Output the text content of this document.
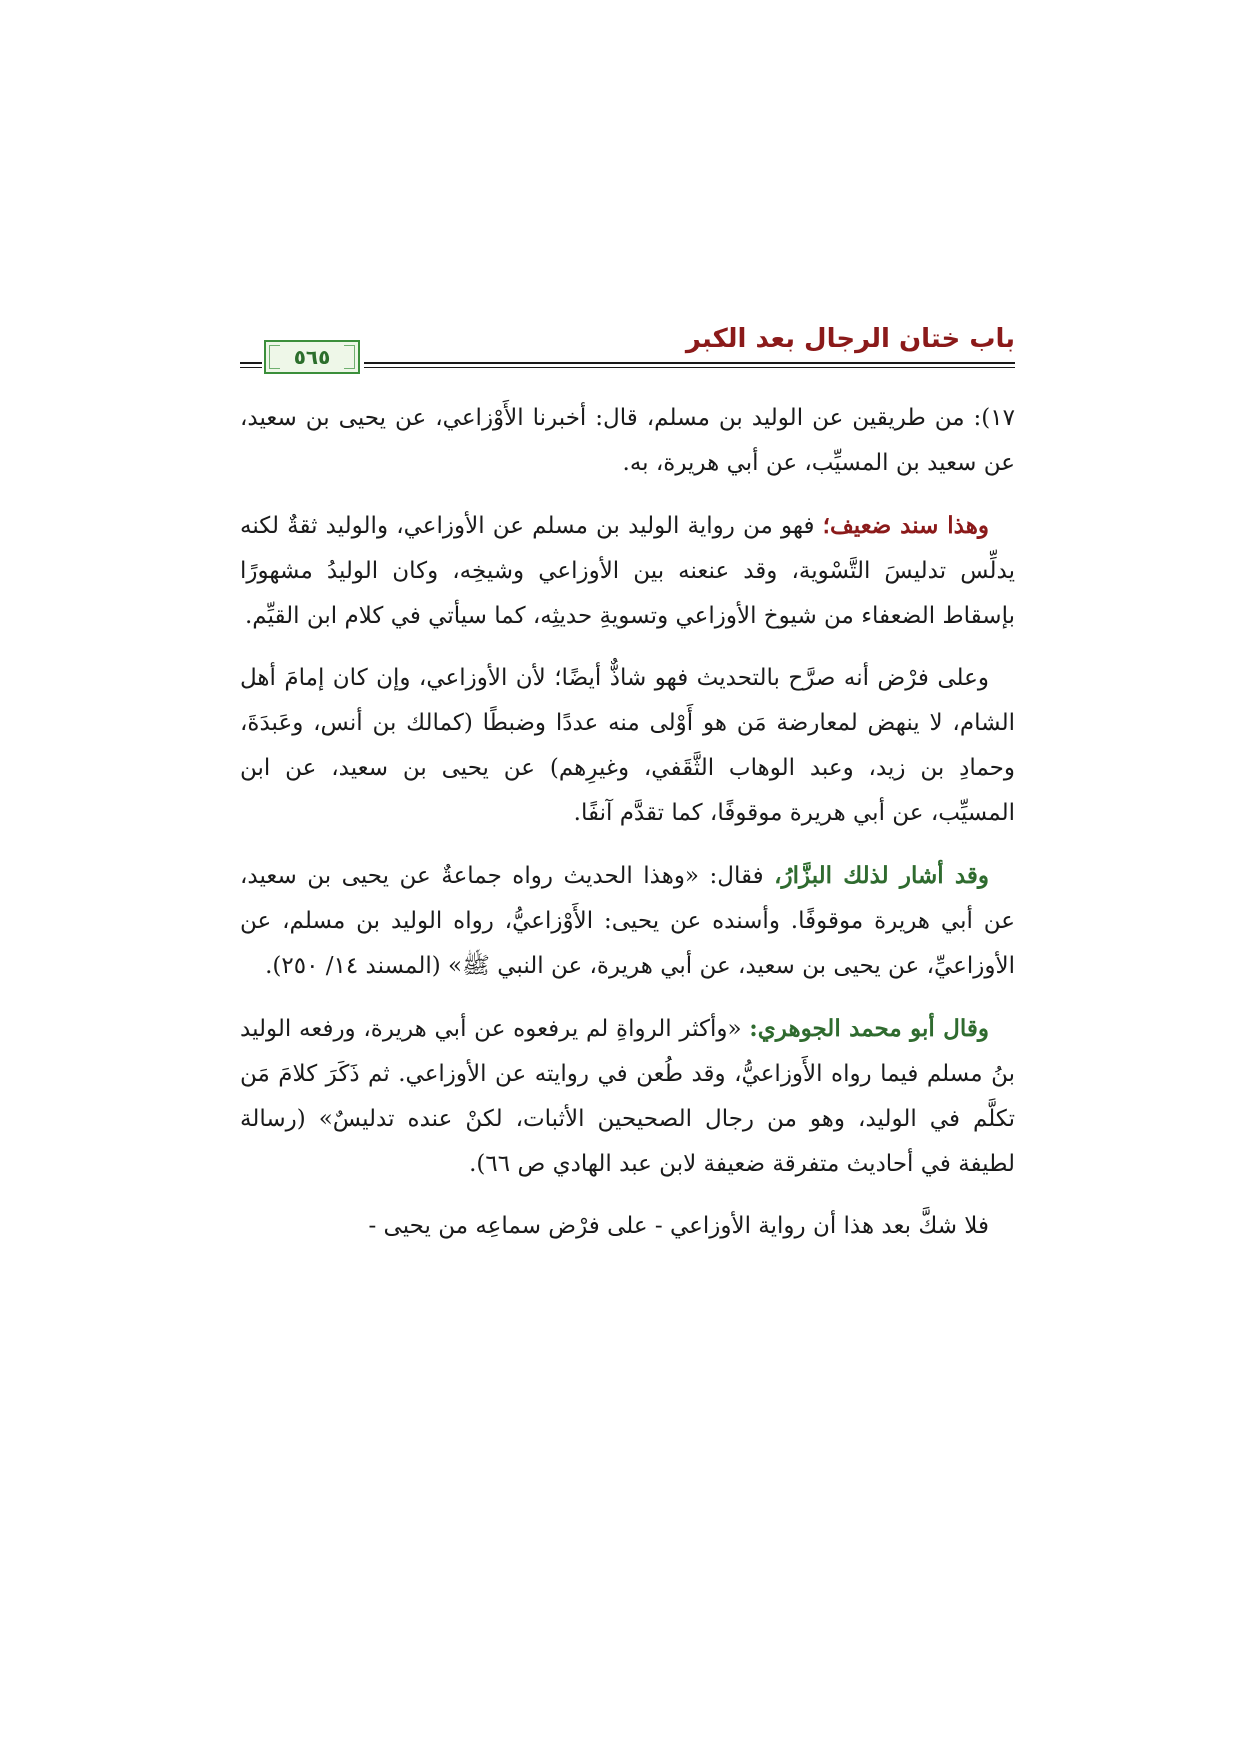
باب ختان الرجال بعد الكبر
٥٦٥

١٧): من طريقين عن الوليد بن مسلم، قال: أخبرنا الأَوْزاعي، عن يحيى بن سعيد، عن سعيد بن المسيِّب، عن أبي هريرة، به.

وهذا سند ضعيف؛ فهو من رواية الوليد بن مسلم عن الأوزاعي، والوليد ثقةٌ لكنه يدلِّس تدليسَ التَّسْوية، وقد عنعنه بين الأوزاعي وشيخِه، وكان الوليدُ مشهورًا بإسقاط الضعفاء من شيوخ الأوزاعي وتسويةِ حديثِه، كما سيأتي في كلام ابن القيِّم.

وعلى فرْض أنه صرَّح بالتحديث فهو شاذٌّ أيضًا؛ لأن الأوزاعي، وإن كان إمامَ أهل الشام، لا ينهض لمعارضة مَن هو أَوْلى منه عددًا وضبطًا (كمالك بن أنس، وعَبدَةَ، وحمادِ بن زيد، وعبد الوهاب الثَّقَفي، وغيرِهم) عن يحيى بن سعيد، عن ابن المسيِّب، عن أبي هريرة موقوفًا، كما تقدَّم آنفًا.

وقد أشار لذلك البزَّارُ، فقال: «وهذا الحديث رواه جماعةٌ عن يحيى بن سعيد، عن أبي هريرة موقوفًا. وأسنده عن يحيى: الأَوْزاعيُّ، رواه الوليد بن مسلم، عن الأوزاعيِّ، عن يحيى بن سعيد، عن أبي هريرة، عن النبي ﷺ» (المسند ١٤/ ٢٥٠).

وقال أبو محمد الجوهري: «وأكثر الرواةِ لم يرفعوه عن أبي هريرة، ورفعه الوليد بنُ مسلم فيما رواه الأَوزاعيُّ، وقد طُعن في روايته عن الأوزاعي. ثم ذَكَرَ كلامَ مَن تكلَّم في الوليد، وهو من رجال الصحيحين الأثبات، لكنْ عنده تدليسٌ» (رسالة لطيفة في أحاديث متفرقة ضعيفة لابن عبد الهادي ص ٦٦).

فلا شكَّ بعد هذا أن رواية الأوزاعي - على فرْض سماعِه من يحيى -
